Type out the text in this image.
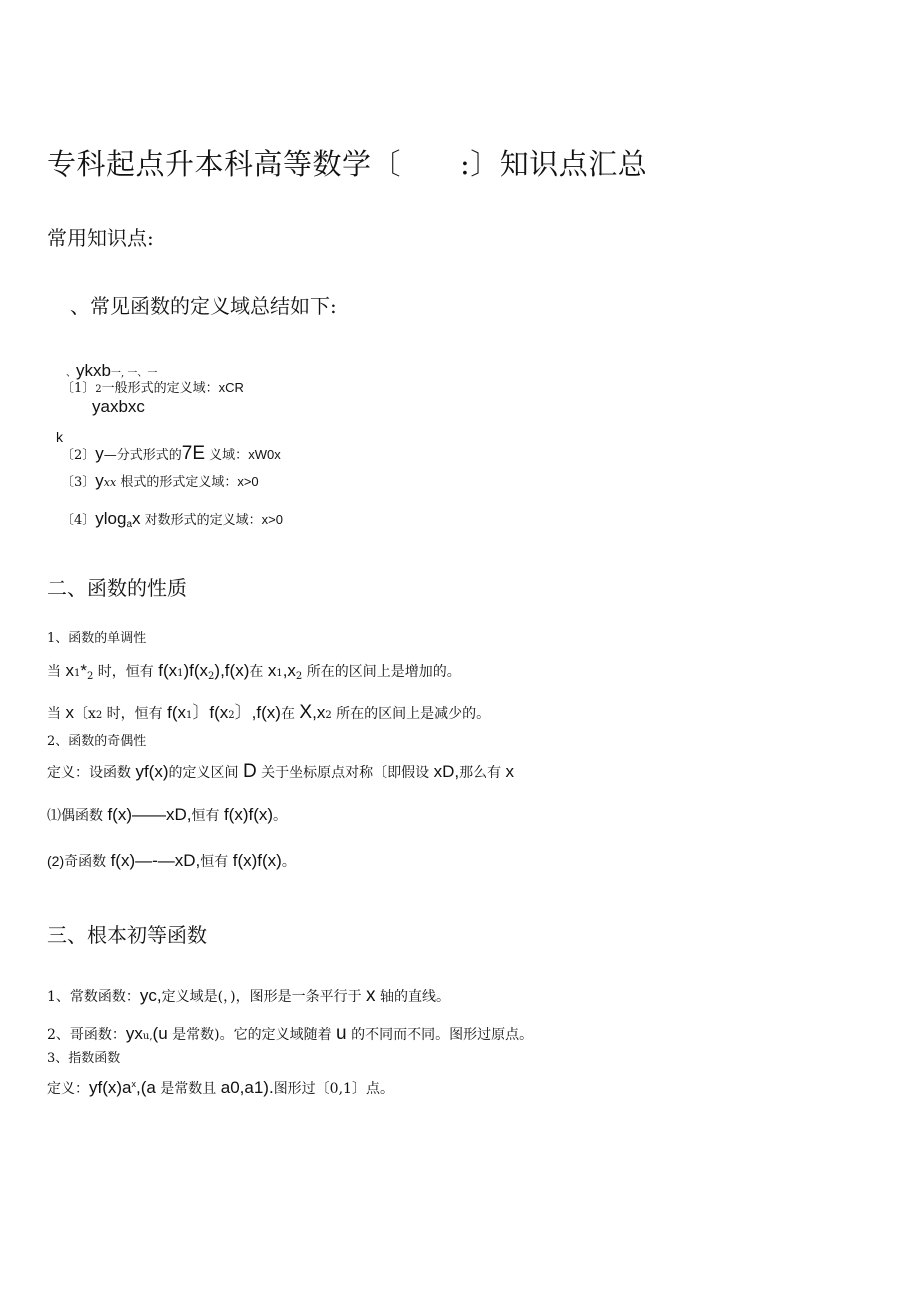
专科起点升本科高等数学〔　　:〕知识点汇总
常用知识点:
、常见函数的定义域总结如下:
、ykxb一, 一、一
〔1〕2一般形式的定义域：xCR
yaxbxc
k
〔2〕y—分式形式的7E 义域：xW0x
〔3〕yxx 根式的形式定义域：x>0
〔4〕ylog$_a$x 对数形式的定义域：x>0
二、函数的性质
1、函数的单调性
当 $x1*_2$ 时，恒有 $f(x1)f(x_2),f(x)$在 $x1,x_2$ 所在的区间上是增加的。
当 x〔x2 时，恒有 f(x1〕f(x2〕,f(x)在 X,x2 所在的区间上是减少的。
2、函数的奇偶性
定义：设函数 yf(x)的定义区间 D 关于坐标原点对称〔即假设 xD,那么有 x
⑴偶函数 f(x)——xD,恒有 f(x)f(x)。
(2)奇函数 f(x)—-—xD,恒有 f(x)f(x)。
三、根本初等函数
1、常数函数：yc,定义域是(，)，图形是一条平行于 x 轴的直线。
2、哥函数：yxu,(u 是常数)。它的定义域随着 u 的不同而不同。图形过原点。
3、指数函数
定义：$yf(x)a^x,(a$ 是常数且 a0,a1).图形过〔0,1〕点。
